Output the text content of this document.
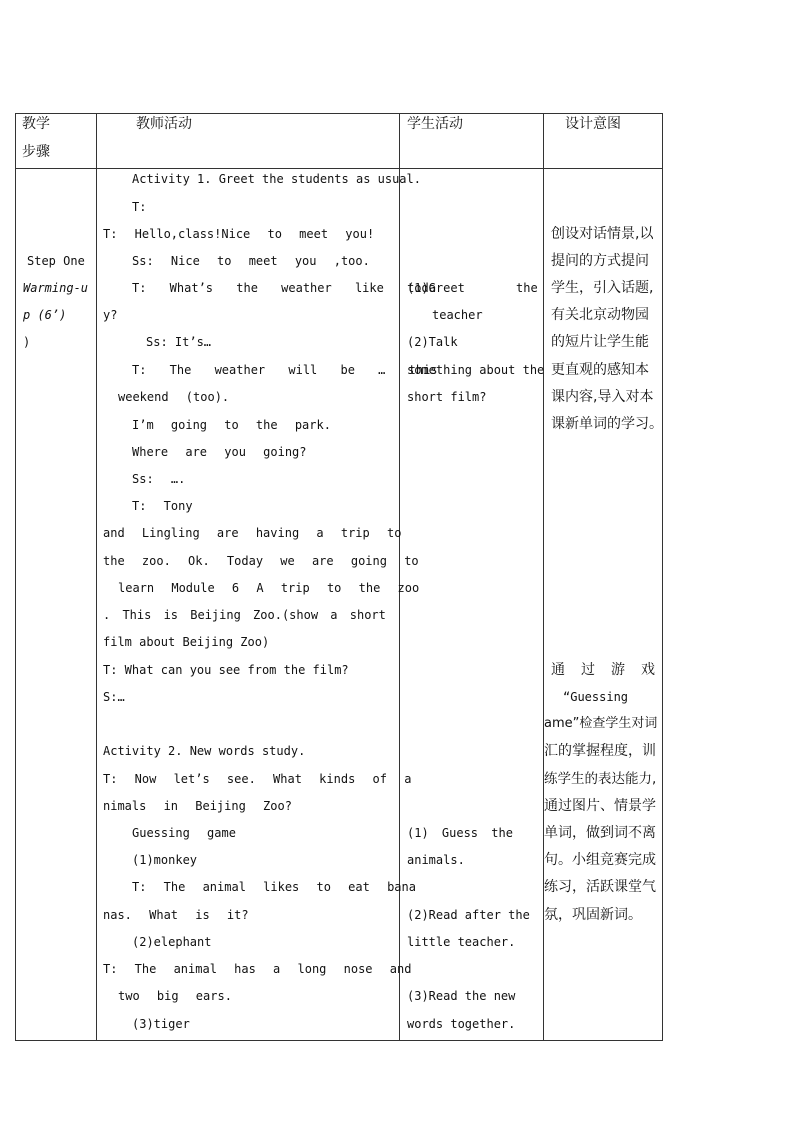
教学
步骤
教师活动	学生活动	设计意图
Step One
Warming-u
p (6’)
)
Activity 1. Greet the students as usual.
T:
T: Hello,class!Nice to meet you!
Ss: Nice to meet you ,too.
T: What’s the weather like toda
y?
Ss: It’s…
T: The weather will be … this
weekend (too).
I’m going to the park.
Where are you going?
Ss: ….
T: Tony
and Lingling are having a trip to
the zoo. Ok. Today we are going to
learn Module 6 A trip to the zoo
. This is Beijing Zoo.(show a short
film about Beijing Zoo)
T: What can you see from the film?
S:…
Activity 2. New words study.
T: Now let’s see. What kinds of a
nimals in Beijing Zoo?
Guessing game
(1)monkey
T: The animal likes to eat bana
nas. What is it?
(2)elephant
T: The animal has a long nose and
two big ears.
(3)tiger
(1)Greet the
teacher
(2)Talk
something about the
short film?
(1) Guess the
animals.
(2)Read after the
little teacher.
(3)Read the new
words together.
创设对话情景,以
提问的方式提问
学生，引入话题,
有关北京动物园
的短片让学生能
更直观的感知本
课内容,导入对本
课新单词的学习。
通过游戏
“Guessing
ame”检查学生对词
汇的掌握程度，训
练学生的表达能力,
通过图片、情景学
单词，做到词不离
句。小组竞赛完成
练习，活跃课堂气
氛，巩固新词。
